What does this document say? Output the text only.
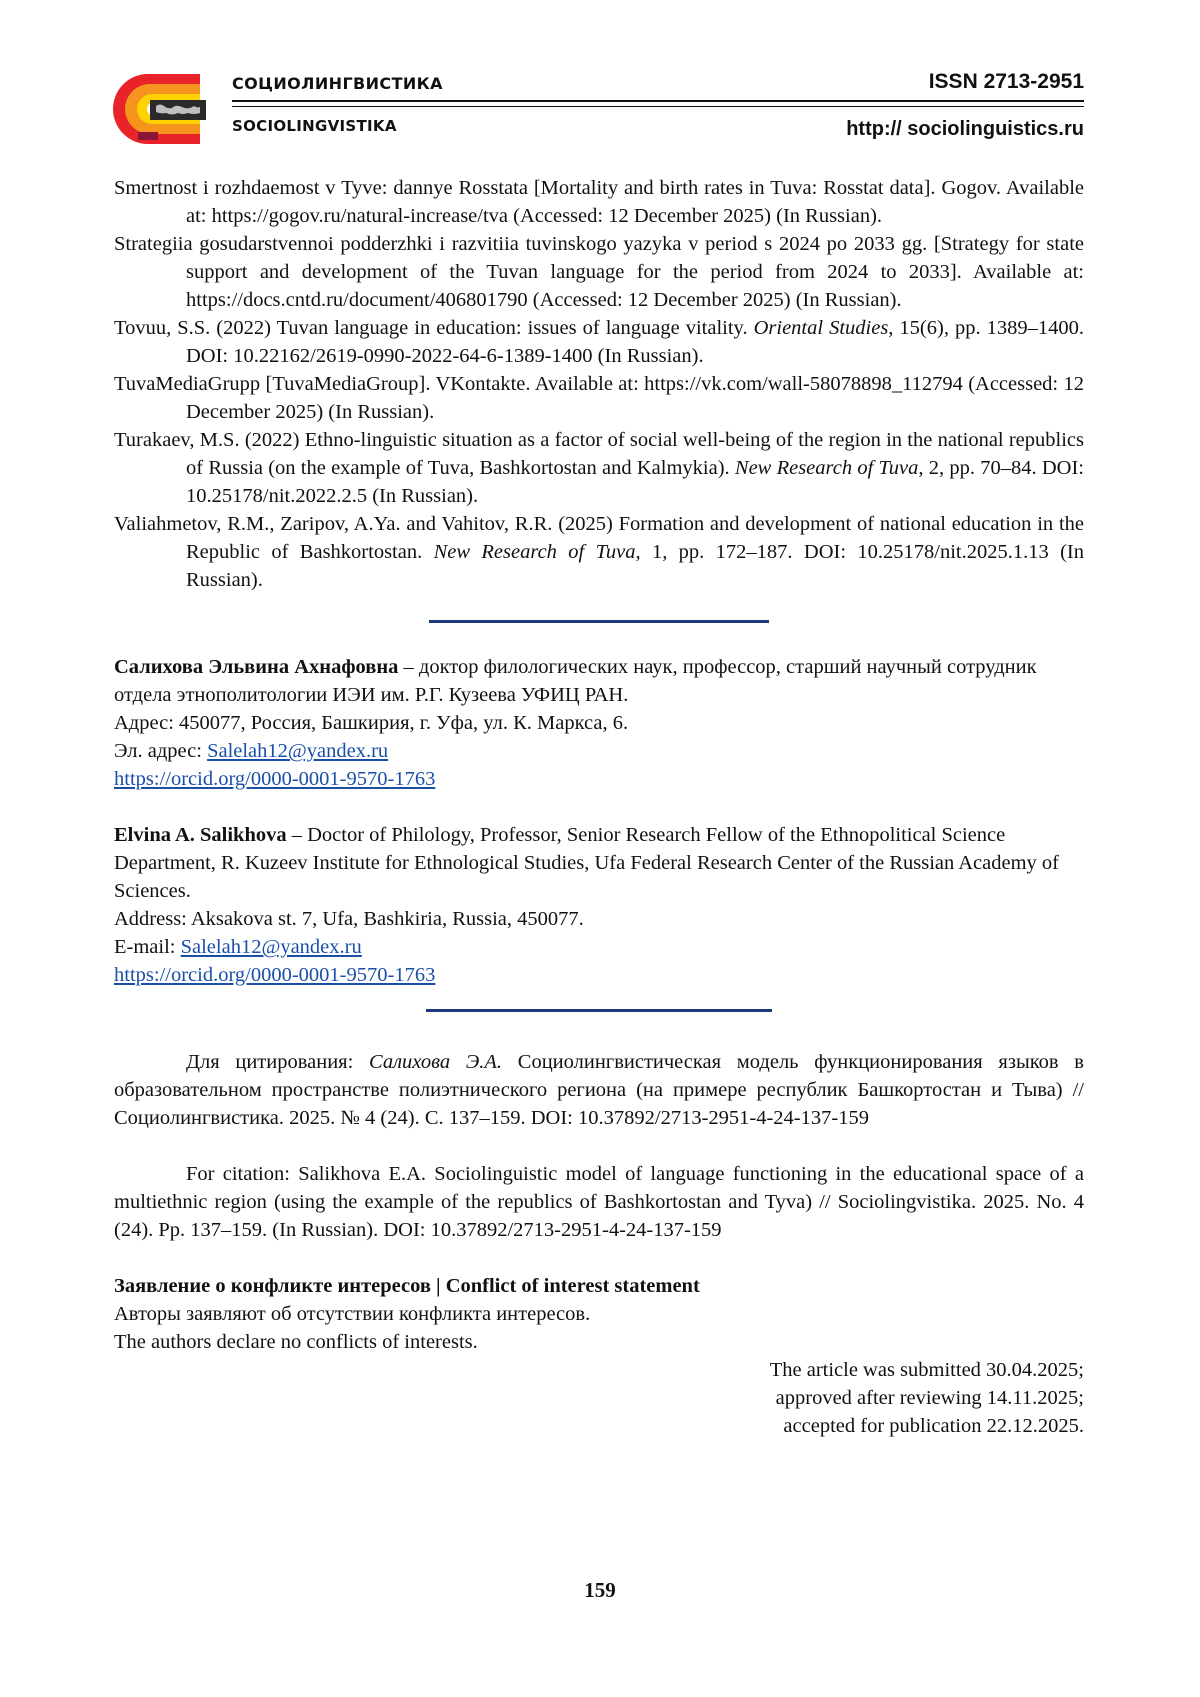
СОЦИОЛИНГВИСТИКА
SOCIOLINGVISTIKA
ISSN 2713-2951
http:// sociolinguistics.ru
Smertnost i rozhdaemost v Tyve: dannye Rosstata [Mortality and birth rates in Tuva: Rosstat data]. Gogov. Available at: https://gogov.ru/natural-increase/tva (Accessed: 12 December 2025) (In Russian).
Strategiia gosudarstvennoi podderzhki i razvitiia tuvinskogo yazyka v period s 2024 po 2033 gg. [Strategy for state support and development of the Tuvan language for the period from 2024 to 2033]. Available at: https://docs.cntd.ru/document/406801790 (Accessed: 12 December 2025) (In Russian).
Tovuu, S.S. (2022) Tuvan language in education: issues of language vitality. Oriental Studies, 15(6), pp. 1389–1400. DOI: 10.22162/2619-0990-2022-64-6-1389-1400 (In Russian).
TuvaMediaGrupp [TuvaMediaGroup]. VKontakte. Available at: https://vk.com/wall-58078898_112794 (Accessed: 12 December 2025) (In Russian).
Turakaev, M.S. (2022) Ethno-linguistic situation as a factor of social well-being of the region in the national republics of Russia (on the example of Tuva, Bashkortostan and Kalmykia). New Research of Tuva, 2, pp. 70–84. DOI: 10.25178/nit.2022.2.5 (In Russian).
Valiahmetov, R.M., Zaripov, A.Ya. and Vahitov, R.R. (2025) Formation and development of national education in the Republic of Bashkortostan. New Research of Tuva, 1, pp. 172–187. DOI: 10.25178/nit.2025.1.13 (In Russian).

Салихова Эльвина Ахнафовна – доктор филологических наук, профессор, старший научный сотрудник отдела этнополитологии ИЭИ им. Р.Г. Кузеева УФИЦ РАН.

Адрес: 450077, Россия, Башкирия, г. Уфа, ул. К. Маркса, 6.

Эл. адрес: Salelah12@yandex.ru

https://orcid.org/0000-0001-9570-1763

Elvina A. Salikhova – Doctor of Philology, Professor, Senior Research Fellow of the Ethnopolitical Science Department, R. Kuzeev Institute for Ethnological Studies, Ufa Federal Research Center of the Russian Academy of Sciences.

Address: Aksakova st. 7, Ufa, Bashkiria, Russia, 450077.

E-mail: Salelah12@yandex.ru

https://orcid.org/0000-0001-9570-1763

Для цитирования: Салихова Э.А. Социолингвистическая модель функционирования языков в образовательном пространстве полиэтнического региона (на примере республик Башкортостан и Тыва) // Социолингвистика. 2025. № 4 (24). С. 137–159. DOI: 10.37892/2713-2951-4-24-137-159

For citation: Salikhova E.A. Sociolinguistic model of language functioning in the educational space of a multiethnic region (using the example of the republics of Bashkortostan and Tyva) // Sociolingvistika. 2025. No. 4 (24). Pp. 137–159. (In Russian). DOI: 10.37892/2713-2951-4-24-137-159

Заявление о конфликте интересов | Conflict of interest statement

Авторы заявляют об отсутствии конфликта интересов.

The authors declare no conflicts of interests.

The article was submitted 30.04.2025;

approved after reviewing 14.11.2025;

accepted for publication 22.12.2025.

159
